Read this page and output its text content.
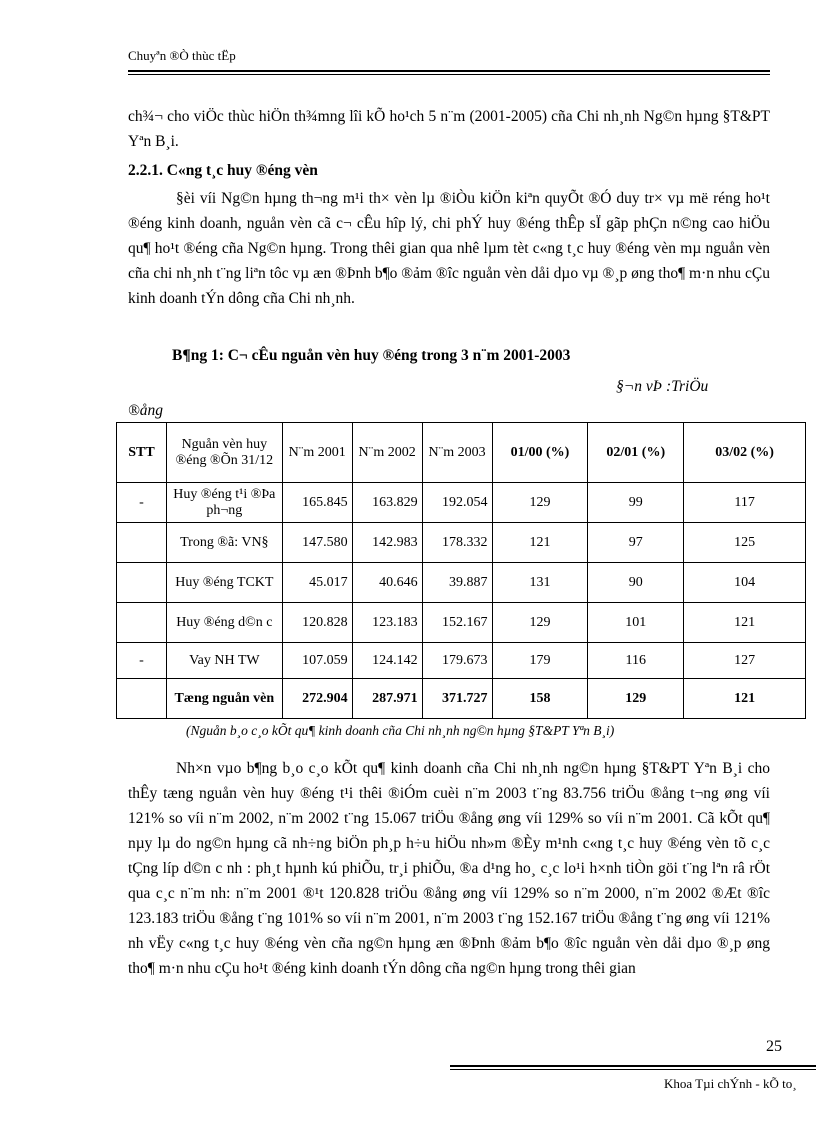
Chuyªn ®Ò thùc tËp
ch¾¬ cho viÖc thùc hiÖn th¾mng lîi kÕ ho¹ch 5 n¨m (2001-2005) cña Chi nh¸nh Ng©n hµng §T&PT Yªn B¸i.
2.2.1. C«ng t¸c huy ®éng vèn
§èi víi Ng©n hµng th¬ng m¹i th× vèn lµ ®iÒu kiÖn kiªn quyÕt ®Ó duy tr× vµ më réng ho¹t ®éng kinh doanh, nguån vèn cã c¬ cÊu hîp lý, chi phÝ huy ®éng thÊp sÏ gãp phÇn n©ng cao hiÖu qu¶ ho¹t ®éng cña Ng©n hµng. Trong thêi gian qua nhê lµm tèt c«ng t¸c huy ®éng vèn mµ nguån vèn cña chi nh¸nh t¨ng liªn tôc vµ æn ®Þnh b¶o ®ảm ®îc nguån vèn dåi dµo vµ ®¸p øng tho¶ m·n nhu cÇu kinh doanh tÝn dông cña Chi nh¸nh.
B¶ng 1: C¬ cÊu nguån vèn huy ®éng trong 3 n¨m 2001-2003
§¬n vÞ :TriÖu
®ång
STT	Nguån vèn huy ®éng ®Õn 31/12	N¨m 2001	N¨m 2002	N¨m 2003	01/00 (%)	02/01 (%)	03/02 (%)
-	Huy ®éng t¹i ®Þa ph¬ng	165.845	163.829	192.054	129	99	117
	Trong ®ã: VN§	147.580	142.983	178.332	121	97	125
	Huy ®éng TCKT	45.017	40.646	39.887	131	90	104
	Huy ®éng d©n c	120.828	123.183	152.167	129	101	121
-	Vay NH TW	107.059	124.142	179.673	179	116	127
	Tæng nguån vèn	272.904	287.971	371.727	158	129	121
(Nguån b¸o c¸o kÕt qu¶ kinh doanh cña Chi nh¸nh ng©n hµng §T&PT Yªn B¸i)
Nh×n vµo b¶ng b¸o c¸o kÕt qu¶ kinh doanh cña Chi nh¸nh ng©n hµng §T&PT Yªn B¸i cho thÊy tæng nguån vèn huy ®éng t¹i thêi ®iÓm cuèi n¨m 2003 t¨ng 83.756 triÖu ®ång t¬ng øng víi 121% so víi n¨m 2002, n¨m 2002 t¨ng 15.067 triÖu ®ång øng víi 129% so víi n¨m 2001. Cã kÕt qu¶ nµy lµ do ng©n hµng cã nh÷ng biÖn ph¸p h÷u hiÖu nh»m ®Èy m¹nh c«ng t¸c huy ®éng vèn tõ c¸c tÇng líp d©n c nh : ph¸t hµnh kú phiÕu, tr¸i phiÕu, ®a d¹ng ho¸ c¸c lo¹i h×nh tiÒn göi t¨ng lªn râ rÖt qua c¸c n¨m nh: n¨m 2001 ®¹t 120.828 triÖu ®ång øng víi 129% so n¨m 2000, n¨m 2002 ®Æt ®îc 123.183 triÖu ®ång t¨ng 101% so víi n¨m 2001, n¨m 2003 t¨ng 152.167 triÖu ®ång t¨ng øng víi 121% nh vËy c«ng t¸c huy ®éng vèn cña ng©n hµng æn ®Þnh ®ảm b¶o ®îc nguån vèn dåi dµo ®¸p øng tho¶ m·n nhu cÇu ho¹t ®éng kinh doanh tÝn dông cña ng©n hµng trong thêi gian
25
Khoa Tµi chÝnh - kÕ to¸
